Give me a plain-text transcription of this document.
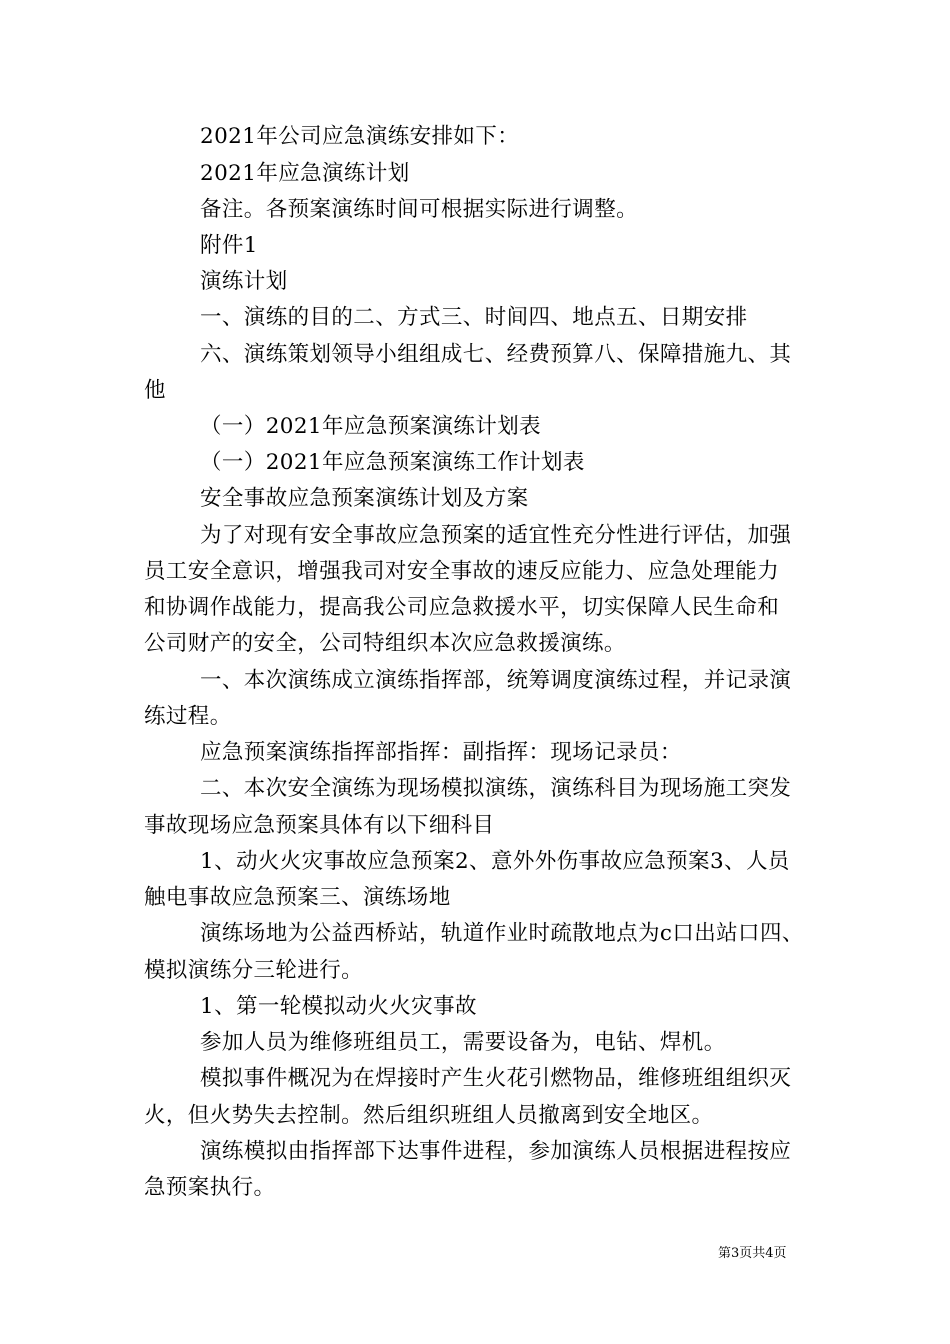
2021年公司应急演练安排如下：
2021年应急演练计划
备注。各预案演练时间可根据实际进行调整。
附件1
演练计划
一、演练的目的二、方式三、时间四、地点五、日期安排
六、演练策划领导小组组成七、经费预算八、保障措施九、其
他
（一）2021年应急预案演练计划表
（一）2021年应急预案演练工作计划表
安全事故应急预案演练计划及方案
为了对现有安全事故应急预案的适宜性充分性进行评估，加强
员工安全意识，增强我司对安全事故的速反应能力、应急处理能力
和协调作战能力，提高我公司应急救援水平，切实保障人民生命和
公司财产的安全，公司特组织本次应急救援演练。
一、本次演练成立演练指挥部，统筹调度演练过程，并记录演
练过程。
应急预案演练指挥部指挥：副指挥：现场记录员：
二、本次安全演练为现场模拟演练，演练科目为现场施工突发
事故现场应急预案具体有以下细科目
1、动火火灾事故应急预案2、意外外伤事故应急预案3、人员
触电事故应急预案三、演练场地
演练场地为公益西桥站，轨道作业时疏散地点为c口出站口四、
模拟演练分三轮进行。
1、第一轮模拟动火火灾事故
参加人员为维修班组员工，需要设备为，电钻、焊机。
模拟事件概况为在焊接时产生火花引燃物品，维修班组组织灭
火，但火势失去控制。然后组织班组人员撤离到安全地区。
演练模拟由指挥部下达事件进程，参加演练人员根据进程按应
急预案执行。
第3页共4页
